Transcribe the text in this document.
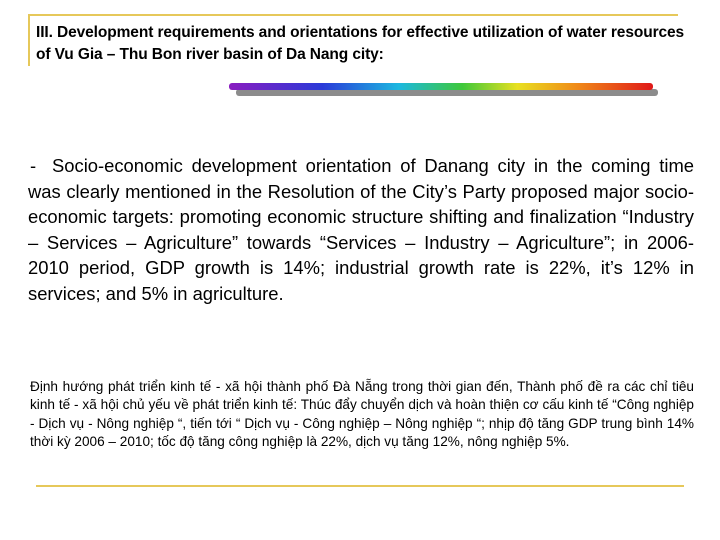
III. Development requirements and orientations for effective utilization of water resources of Vu Gia – Thu Bon river basin of Da Nang city:

- Socio-economic development orientation of Danang city in the coming time was clearly mentioned in the Resolution of the City’s Party proposed major socio-economic targets: promoting economic structure shifting and finalization “Industry – Services – Agriculture” towards “Services – Industry – Agriculture”; in 2006-2010 period, GDP growth is 14%; industrial growth rate is 22%, it’s 12% in services; and 5% in agriculture.

Định hướng phát triển kinh tế - xã hội thành phố Đà Nẵng trong thời gian đến, Thành phố đề ra các chỉ tiêu kinh tế - xã hội chủ yếu về phát triển kinh tế: Thúc đẩy chuyển dịch và hoàn thiện cơ cấu kinh tế “Công nghiệp - Dịch vụ - Nông nghiệp “, tiến tới “ Dịch vụ - Công nghiệp – Nông nghiệp “; nhịp độ tăng GDP trung bình 14% thời kỳ 2006 – 2010; tốc độ tăng công nghiệp là 22%, dịch vụ tăng 12%, nông nghiệp 5%.
